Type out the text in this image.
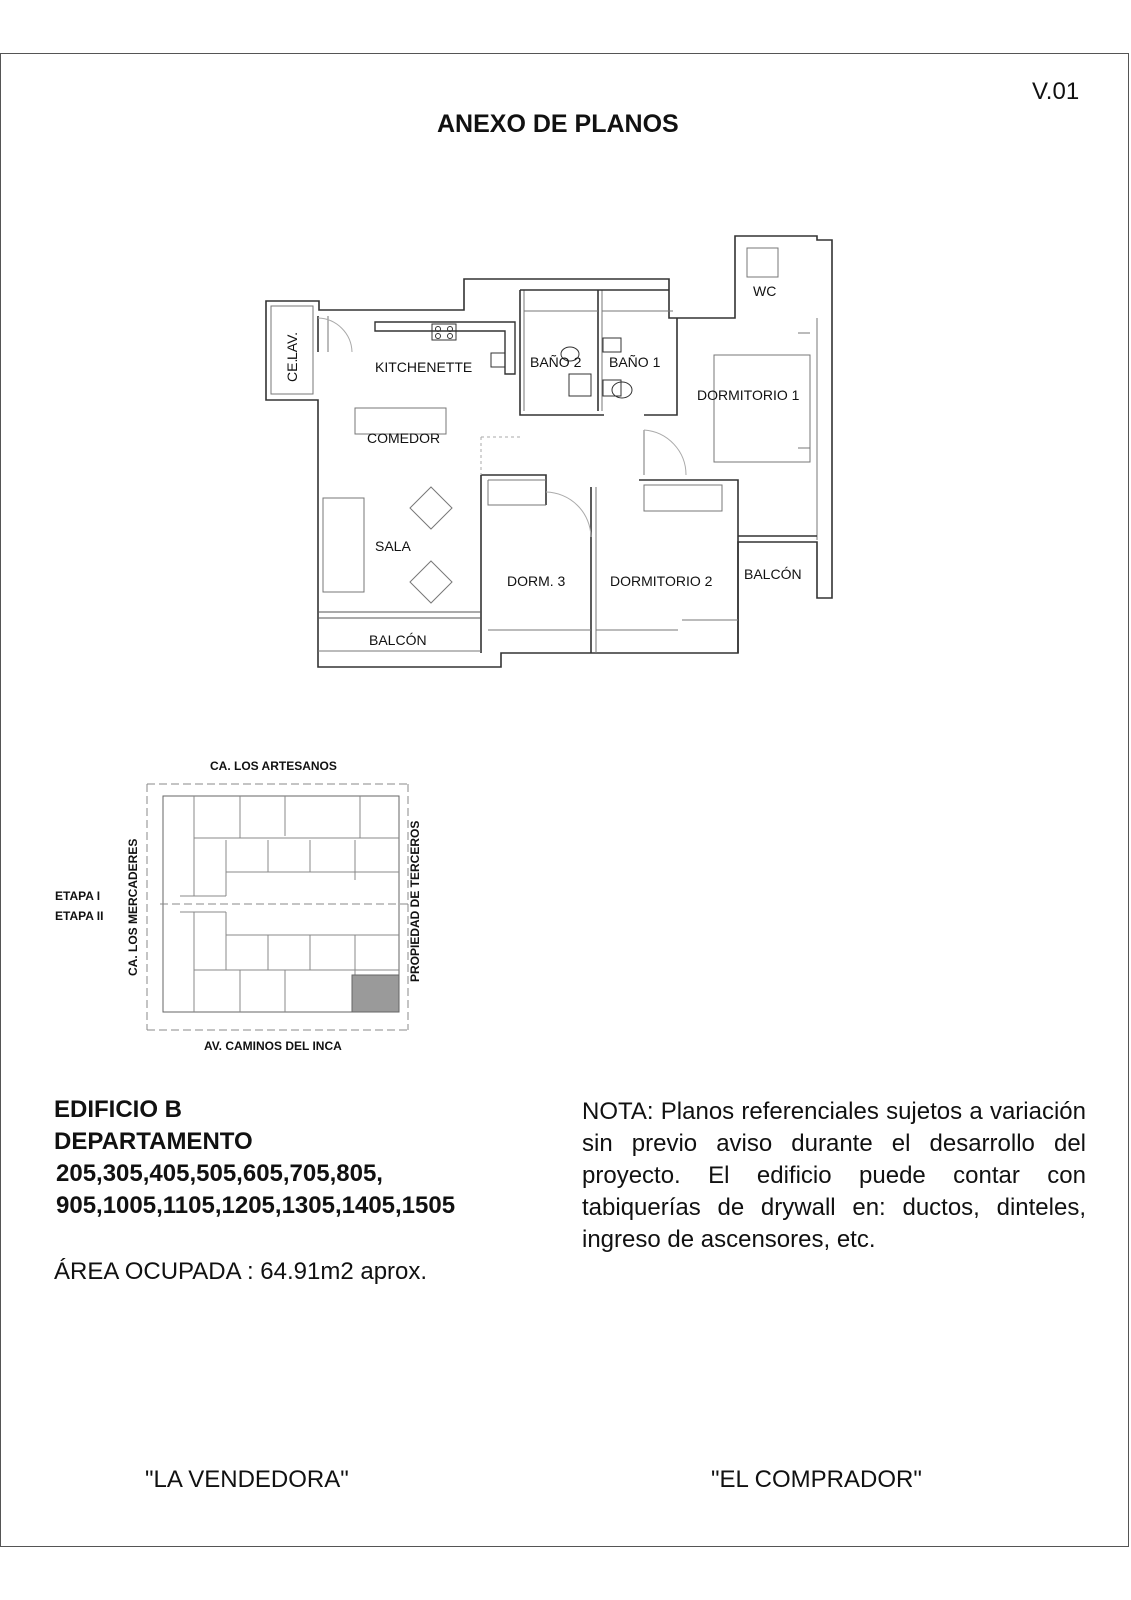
V.01
ANEXO DE PLANOS
LAV.
CE.	KITCHENETTE	BAÑO 2 BAÑO 1
WC
DORMITORIO 1
COMEDOR
SALA
DORM. 3	DORMITORIO 2 BALCÓN
BALCÓN
CA. LOS ARTESANOS
AV. CAMINOS DEL INCA
CA. LOS MERCADERES	PROPIEDAD DE TERCEROS
ETAPA I
ETAPA II
EDIFICIO B
DEPARTAMENTO
205,305,405,505,605,705,805,
905,1005,1105,1205,1305,1405,1505
ÁREA OCUPADA : 64.91m2 aprox.
NOTA: Planos referenciales sujetos a variación sin previo aviso durante el desarrollo del proyecto. El edificio puede contar con tabiquerías de drywall en: ductos, dinteles, ingreso de ascensores, etc.
"LA VENDEDORA"	"EL COMPRADOR"
